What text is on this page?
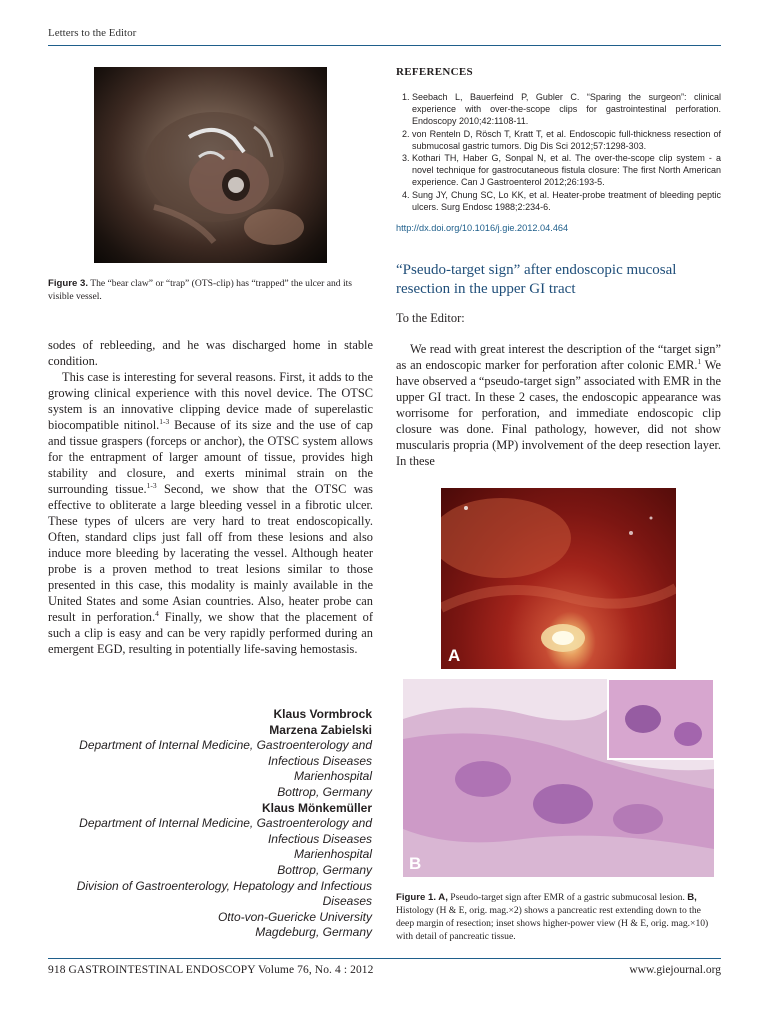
Letters to the Editor
Figure 3. The “bear claw” or “trap” (OTS-clip) has “trapped” the ulcer and its visible vessel.

sodes of rebleeding, and he was discharged home in stable condition.

This case is interesting for several reasons. First, it adds to the growing clinical experience with this novel device. The OTSC system is an innovative clipping device made of superelastic biocompatible nitinol.$^{1-3}$ Because of its size and the use of cap and tissue graspers (forceps or anchor), the OTSC system allows for the entrapment of larger amount of tissue, provides high stability and closure, and exerts minimal strain on the surrounding tissue.$^{1-3}$ Second, we show that the OTSC was effective to obliterate a large bleeding vessel in a fibrotic ulcer. These types of ulcers are very hard to treat endoscopically. Often, standard clips just fall off from these lesions and also induce more bleeding by lacerating the vessel. Although heater probe is a proven method to treat lesions similar to those presented in this case, this modality is mainly available in the United States and some Asian countries. Also, heater probe can result in perforation.$^4$ Finally, we show that the placement of such a clip is easy and can be very rapidly performed during an emergent EGD, resulting in potentially life-saving hemostasis.

Klaus Vormbrock
Marzena Zabielski
Department of Internal Medicine, Gastroenterology and
Infectious Diseases
Marienhospital
Bottrop, Germany
Klaus Mönkemüller
Department of Internal Medicine, Gastroenterology and
Infectious Diseases
Marienhospital
Bottrop, Germany
Division of Gastroenterology, Hepatology and Infectious
Diseases
Otto-von-Guericke University
Magdeburg, Germany
REFERENCES
1. Seebach L, Bauerfeind P, Gubler C. “Sparing the surgeon”: clinical experience with over-the-scope clips for gastrointestinal perforation. Endoscopy 2010;42:1108-11.
2. von Renteln D, Rösch T, Kratt T, et al. Endoscopic full-thickness resection of submucosal gastric tumors. Dig Dis Sci 2012;57:1298-303.
3. Kothari TH, Haber G, Sonpal N, et al. The over-the-scope clip system - a novel technique for gastrocutaneous fistula closure: The first North American experience. Can J Gastroenterol 2012;26:193-5.
4. Sung JY, Chung SC, Lo KK, et al. Heater-probe treatment of bleeding peptic ulcers. Surg Endosc 1988;2:234-6.
http://dx.doi.org/10.1016/j.gie.2012.04.464
“Pseudo-target sign” after endoscopic mucosal resection in the upper GI tract
To the Editor:

We read with great interest the description of the “target sign” as an endoscopic marker for perforation after colonic EMR.$^1$ We have observed a “pseudo-target sign” associated with EMR in the upper GI tract. In these 2 cases, the endoscopic appearance was worrisome for perforation, and immediate endoscopic clip closure was done. Final pathology, however, did not show muscularis propria (MP) involvement of the deep resection layer. In these

A
B
Figure 1. A, Pseudo-target sign after EMR of a gastric submucosal lesion. B, Histology (H & E, orig. mag.×2) shows a pancreatic rest extending down to the deep margin of resection; inset shows higher-power view (H & E, orig. mag.×10) with detail of pancreatic tissue.
918 GASTROINTESTINAL ENDOSCOPY Volume 76, No. 4 : 2012	www.giejournal.org
